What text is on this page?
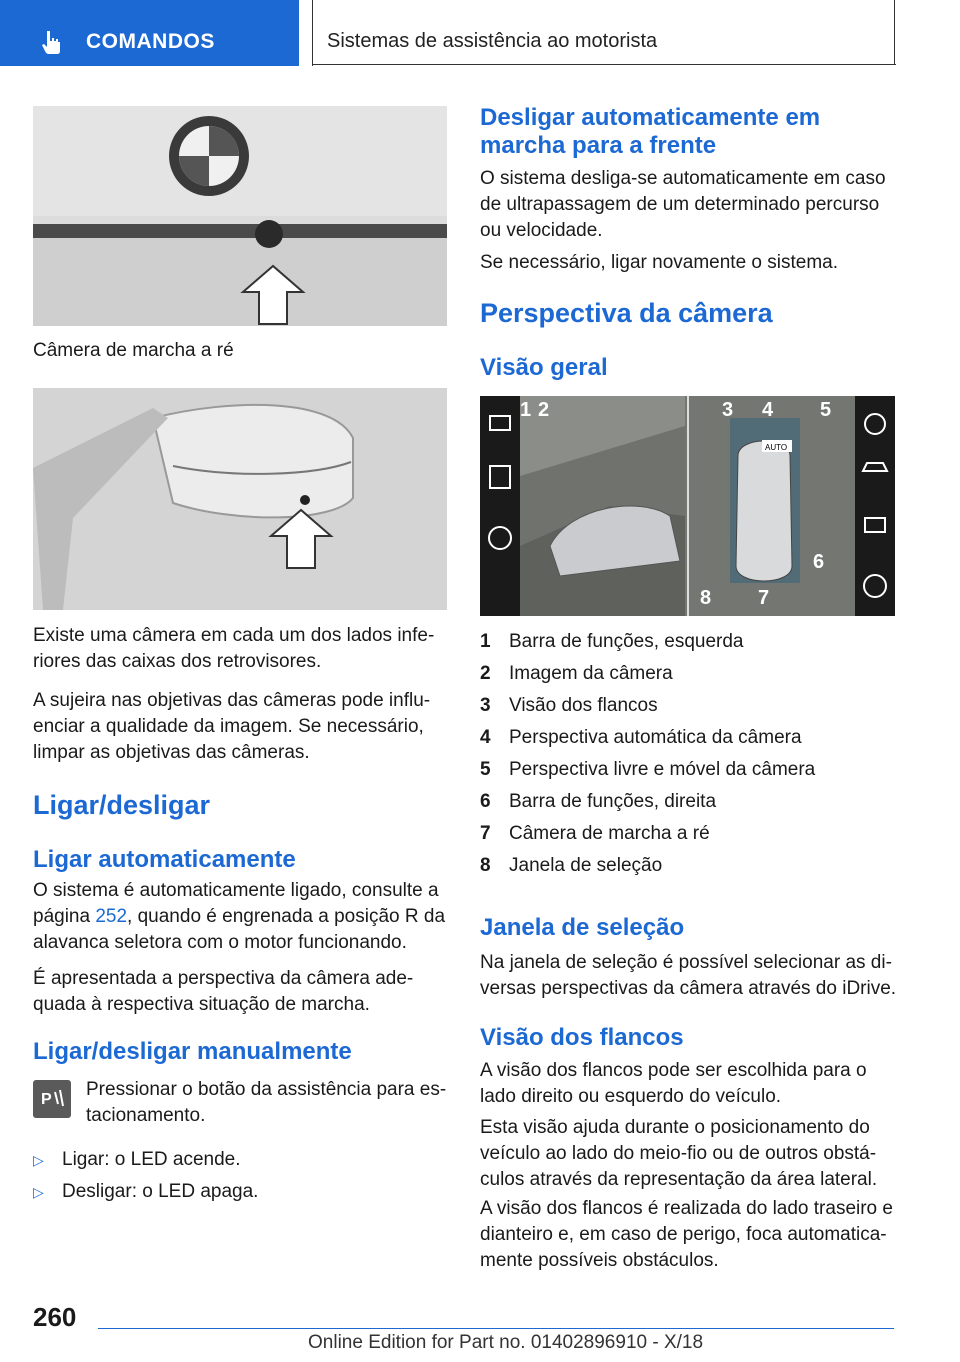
COMANDOS	Sistemas de assistência ao motorista
Câmera de marcha a ré
Existe uma câmera em cada um dos lados infe-
riores das caixas dos retrovisores.
A sujeira nas objetivas das câmeras pode influ-
enciar a qualidade da imagem. Se necessário,
limpar as objetivas das câmeras.
Ligar/desligar
Ligar automaticamente
O sistema é automaticamente ligado, consulte a
página 252, quando é engrenada a posição R da
alavanca seletora com o motor funcionando.
É apresentada a perspectiva da câmera ade-
quada à respectiva situação de marcha.
Ligar/desligar manualmente
P Pressionar o botão da assistência para es-
tacionamento.
▷ Ligar: o LED acende.
▷ Desligar: o LED apaga.
Desligar automaticamente em
marcha para a frente
O sistema desliga-se automaticamente em caso
de ultrapassagem de um determinado percurso
ou velocidade.
Se necessário, ligar novamente o sistema.
Perspectiva da câmera
Visão geral
AUTO
1 2	3 4 5
6
7
8
1 Barra de funções, esquerda
2 Imagem da câmera
3 Visão dos flancos
4 Perspectiva automática da câmera
5 Perspectiva livre e móvel da câmera
6 Barra de funções, direita
7 Câmera de marcha a ré
8 Janela de seleção
Janela de seleção
Na janela de seleção é possível selecionar as di-
versas perspectivas da câmera através do iDrive.
Visão dos flancos
A visão dos flancos pode ser escolhida para o
lado direito ou esquerdo do veículo.
Esta visão ajuda durante o posicionamento do
veículo ao lado do meio-fio ou de outros obstá-
culos através da representação da área lateral.
A visão dos flancos é realizada do lado traseiro e
dianteiro e, em caso de perigo, foca automatica-
mente possíveis obstáculos.
260
Online Edition for Part no. 01402896910 - X/18
